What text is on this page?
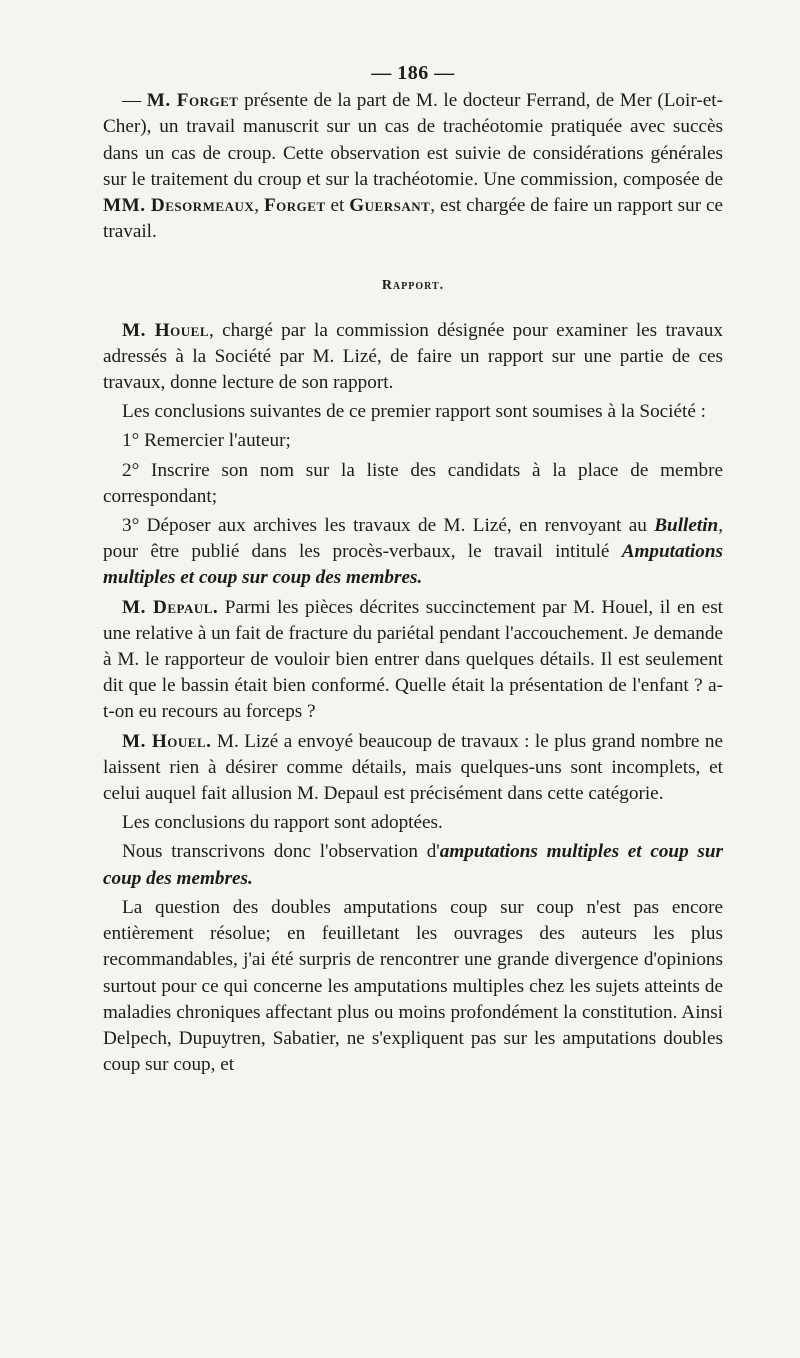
— 186 —

— M. Forget présente de la part de M. le docteur Ferrand, de Mer (Loir-et-Cher), un travail manuscrit sur un cas de trachéotomie pratiquée avec succès dans un cas de croup. Cette observation est suivie de considérations générales sur le traitement du croup et sur la trachéotomie. Une commission, composée de MM. Desormeaux, Forget et Guersant, est chargée de faire un rapport sur ce travail.

Rapport.

M. Houel, chargé par la commission désignée pour examiner les travaux adressés à la Société par M. Lizé, de faire un rapport sur une partie de ces travaux, donne lecture de son rapport.

Les conclusions suivantes de ce premier rapport sont soumises à la Société :

1° Remercier l'auteur;

2° Inscrire son nom sur la liste des candidats à la place de membre correspondant;

3° Déposer aux archives les travaux de M. Lizé, en renvoyant au Bulletin, pour être publié dans les procès-verbaux, le travail intitulé Amputations multiples et coup sur coup des membres.

M. Depaul. Parmi les pièces décrites succinctement par M. Houel, il en est une relative à un fait de fracture du pariétal pendant l'accouchement. Je demande à M. le rapporteur de vouloir bien entrer dans quelques détails. Il est seulement dit que le bassin était bien conformé. Quelle était la présentation de l'enfant ? a-t-on eu recours au forceps ?

M. Houel. M. Lizé a envoyé beaucoup de travaux : le plus grand nombre ne laissent rien à désirer comme détails, mais quelques-uns sont incomplets, et celui auquel fait allusion M. Depaul est précisément dans cette catégorie.

Les conclusions du rapport sont adoptées.

Nous transcrivons donc l'observation d'amputations multiples et coup sur coup des membres.

La question des doubles amputations coup sur coup n'est pas encore entièrement résolue; en feuilletant les ouvrages des auteurs les plus recommandables, j'ai été surpris de rencontrer une grande divergence d'opinions surtout pour ce qui concerne les amputations multiples chez les sujets atteints de maladies chroniques affectant plus ou moins profondément la constitution. Ainsi Delpech, Dupuytren, Sabatier, ne s'expliquent pas sur les amputations doubles coup sur coup, et
